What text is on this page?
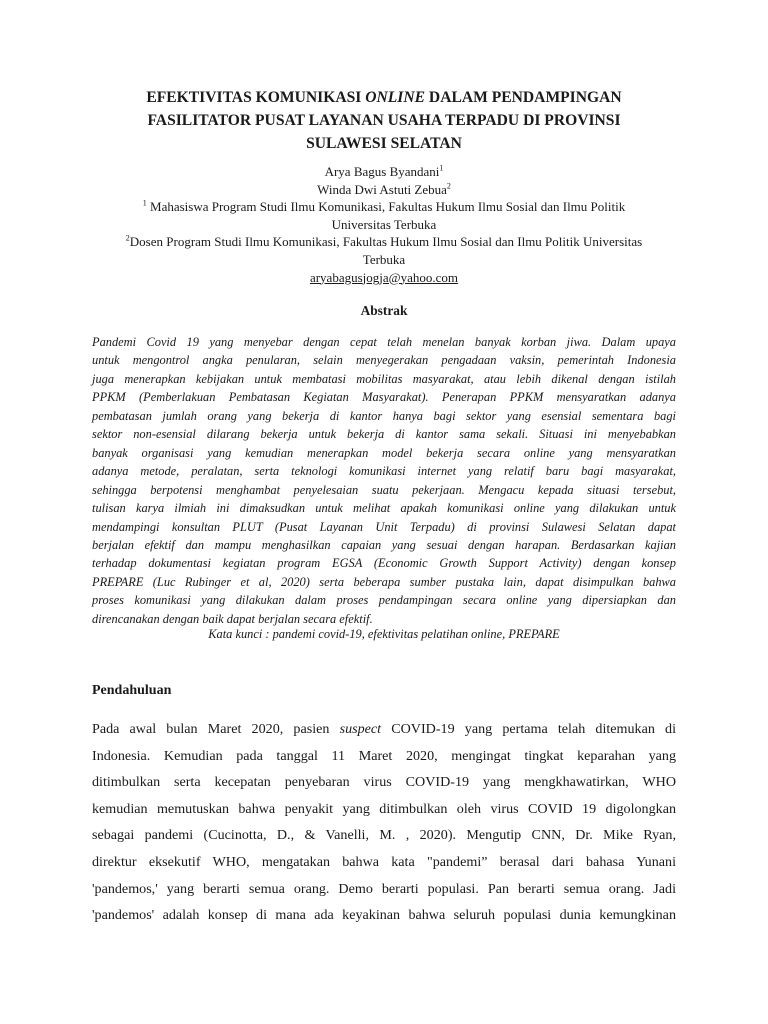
EFEKTIVITAS KOMUNIKASI ONLINE DALAM PENDAMPINGAN
FASILITATOR PUSAT LAYANAN USAHA TERPADU DI PROVINSI
SULAWESI SELATAN
Arya Bagus Byandani$^1$
Winda Dwi Astuti Zebua$^2$
$^1$ Mahasiswa Program Studi Ilmu Komunikasi, Fakultas Hukum Ilmu Sosial dan Ilmu Politik
Universitas Terbuka
$^2$Dosen Program Studi Ilmu Komunikasi, Fakultas Hukum Ilmu Sosial dan Ilmu Politik Universitas
Terbuka
aryabagusjogja@yahoo.com
Abstrak
Pandemi Covid 19 yang menyebar dengan cepat telah menelan banyak korban jiwa. Dalam upaya
untuk mengontrol angka penularan, selain menyegerakan pengadaan vaksin, pemerintah Indonesia
juga menerapkan kebijakan untuk membatasi mobilitas masyarakat, atau lebih dikenal dengan istilah
PPKM (Pemberlakuan Pembatasan Kegiatan Masyarakat). Penerapan PPKM mensyaratkan adanya
pembatasan jumlah orang yang bekerja di kantor hanya bagi sektor yang esensial sementara bagi
sektor non-esensial dilarang bekerja untuk bekerja di kantor sama sekali. Situasi ini menyebabkan
banyak organisasi yang kemudian menerapkan model bekerja secara online yang mensyaratkan
adanya metode, peralatan, serta teknologi komunikasi internet yang relatif baru bagi masyarakat,
sehingga berpotensi menghambat penyelesaian suatu pekerjaan. Mengacu kepada situasi tersebut,
tulisan karya ilmiah ini dimaksudkan untuk melihat apakah komunikasi online yang dilakukan untuk
mendampingi konsultan PLUT (Pusat Layanan Unit Terpadu) di provinsi Sulawesi Selatan dapat
berjalan efektif dan mampu menghasilkan capaian yang sesuai dengan harapan. Berdasarkan kajian
terhadap dokumentasi kegiatan program EGSA (Economic Growth Support Activity) dengan konsep
PREPARE (Luc Rubinger et al, 2020) serta beberapa sumber pustaka lain, dapat disimpulkan bahwa
proses komunikasi yang dilakukan dalam proses pendampingan secara online yang dipersiapkan dan
direncanakan dengan baik dapat berjalan secara efektif.

Kata kunci : pandemi covid-19, efektivitas pelatihan online, PREPARE

Pendahuluan
Pada awal bulan Maret 2020, pasien suspect COVID-19 yang pertama telah ditemukan di
Indonesia. Kemudian pada tanggal 11 Maret 2020, mengingat tingkat keparahan yang
ditimbulkan serta kecepatan penyebaran virus COVID-19 yang mengkhawatirkan, WHO
kemudian memutuskan bahwa penyakit yang ditimbulkan oleh virus COVID 19 digolongkan
sebagai pandemi (Cucinotta, D., & Vanelli, M. , 2020). Mengutip CNN, Dr. Mike Ryan,
direktur eksekutif WHO, mengatakan bahwa kata "pandemi” berasal dari bahasa Yunani
'pandemos,' yang berarti semua orang. Demo berarti populasi. Pan berarti semua orang. Jadi
'pandemos' adalah konsep di mana ada keyakinan bahwa seluruh populasi dunia kemungkinan
